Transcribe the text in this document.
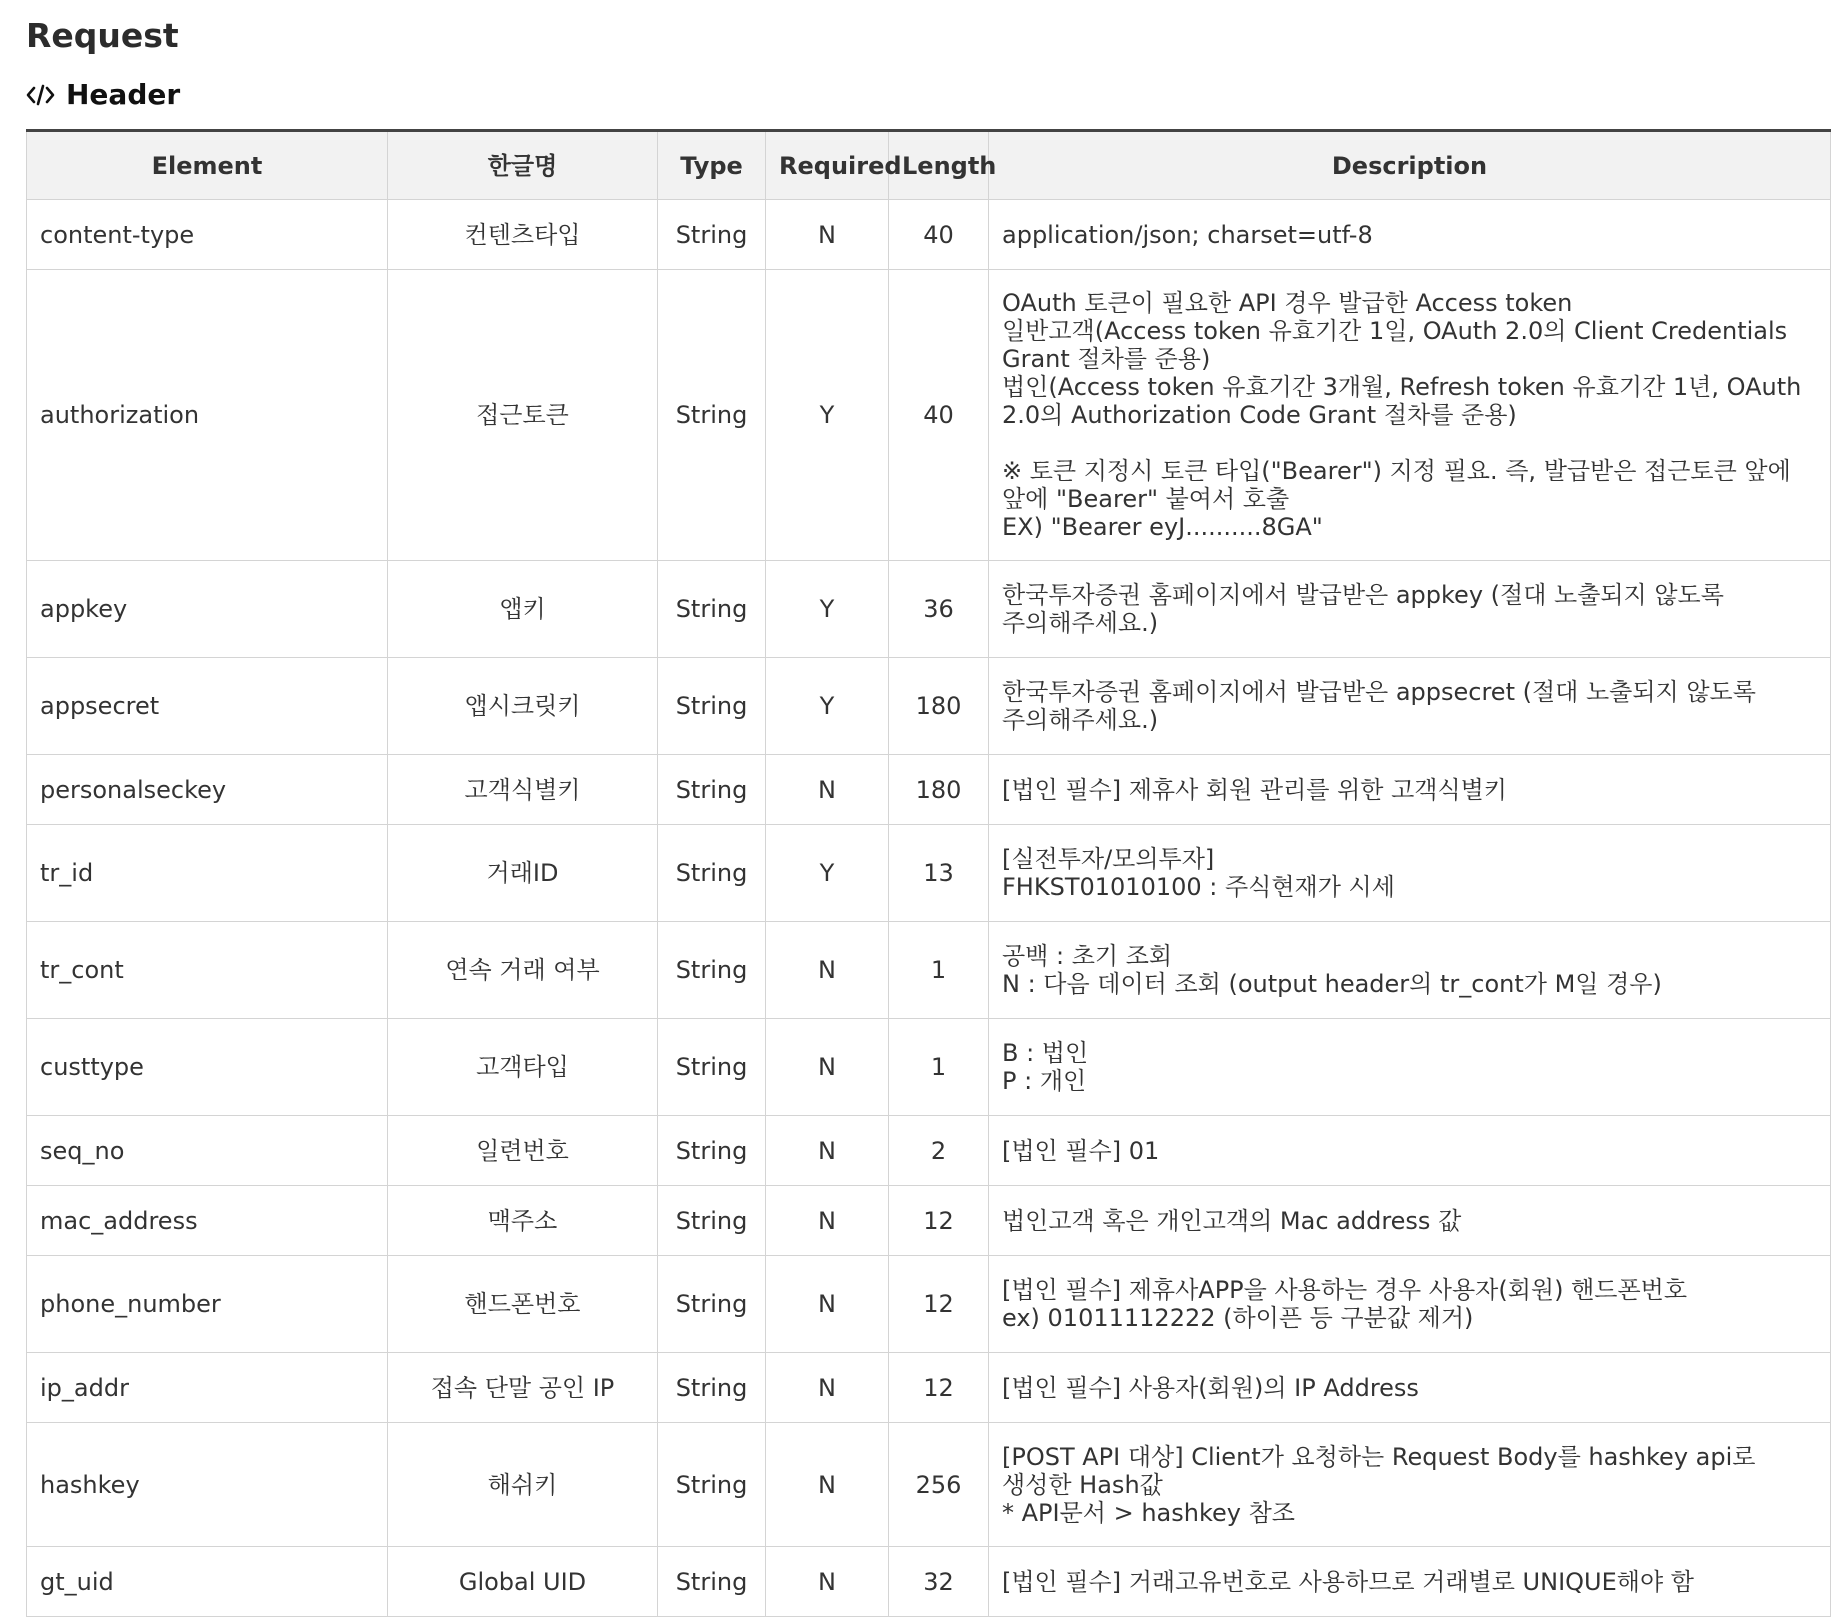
Request
Header
Element	한글명	Type	Required	Length	Description
content-type	컨텐츠타입	String	N	40	application/json; charset=utf-8

authorization	접근토큰	String	Y	40	OAuth 토큰이 필요한 API 경우 발급한 Access token
일반고객(Access token 유효기간 1일, OAuth 2.0의 Client Credentials Grant 절차를 준용)
법인(Access token 유효기간 3개월, Refresh token 유효기간 1년, OAuth 2.0의 Authorization Code Grant 절차를 준용)
※ 토큰 지정시 토큰 타입("Bearer") 지정 필요. 즉, 발급받은 접근토큰 앞에 앞에 "Bearer" 붙여서 호출
EX) "Bearer eyJ..........8GA"

appkey	앱키	String	Y	36	한국투자증권 홈페이지에서 발급받은 appkey (절대 노출되지 않도록 주의해주세요.)

appsecret	앱시크릿키	String	Y	180	한국투자증권 홈페이지에서 발급받은 appsecret (절대 노출되지 않도록 주의해주세요.)

personalseckey	고객식별키	String	N	180	[법인 필수] 제휴사 회원 관리를 위한 고객식별키

tr_id	거래ID	String	Y	13	[실전투자/모의투자]
FHKST01010100 : 주식현재가 시세

tr_cont	연속 거래 여부	String	N	1	공백 : 초기 조회
N : 다음 데이터 조회 (output header의 tr_cont가 M일 경우)

custtype	고객타입	String	N	1	B : 법인
P : 개인

seq_no	일련번호	String	N	2	[법인 필수] 01

mac_address	맥주소	String	N	12	법인고객 혹은 개인고객의 Mac address 값

phone_number	핸드폰번호	String	N	12	[법인 필수] 제휴사APP을 사용하는 경우 사용자(회원) 핸드폰번호
ex) 01011112222 (하이픈 등 구분값 제거)

ip_addr	접속 단말 공인 IP	String	N	12	[법인 필수] 사용자(회원)의 IP Address

hashkey	해쉬키	String	N	256	[POST API 대상] Client가 요청하는 Request Body를 hashkey api로 생성한 Hash값
* API문서 > hashkey 참조

gt_uid	Global UID	String	N	32	[법인 필수] 거래고유번호로 사용하므로 거래별로 UNIQUE해야 함
